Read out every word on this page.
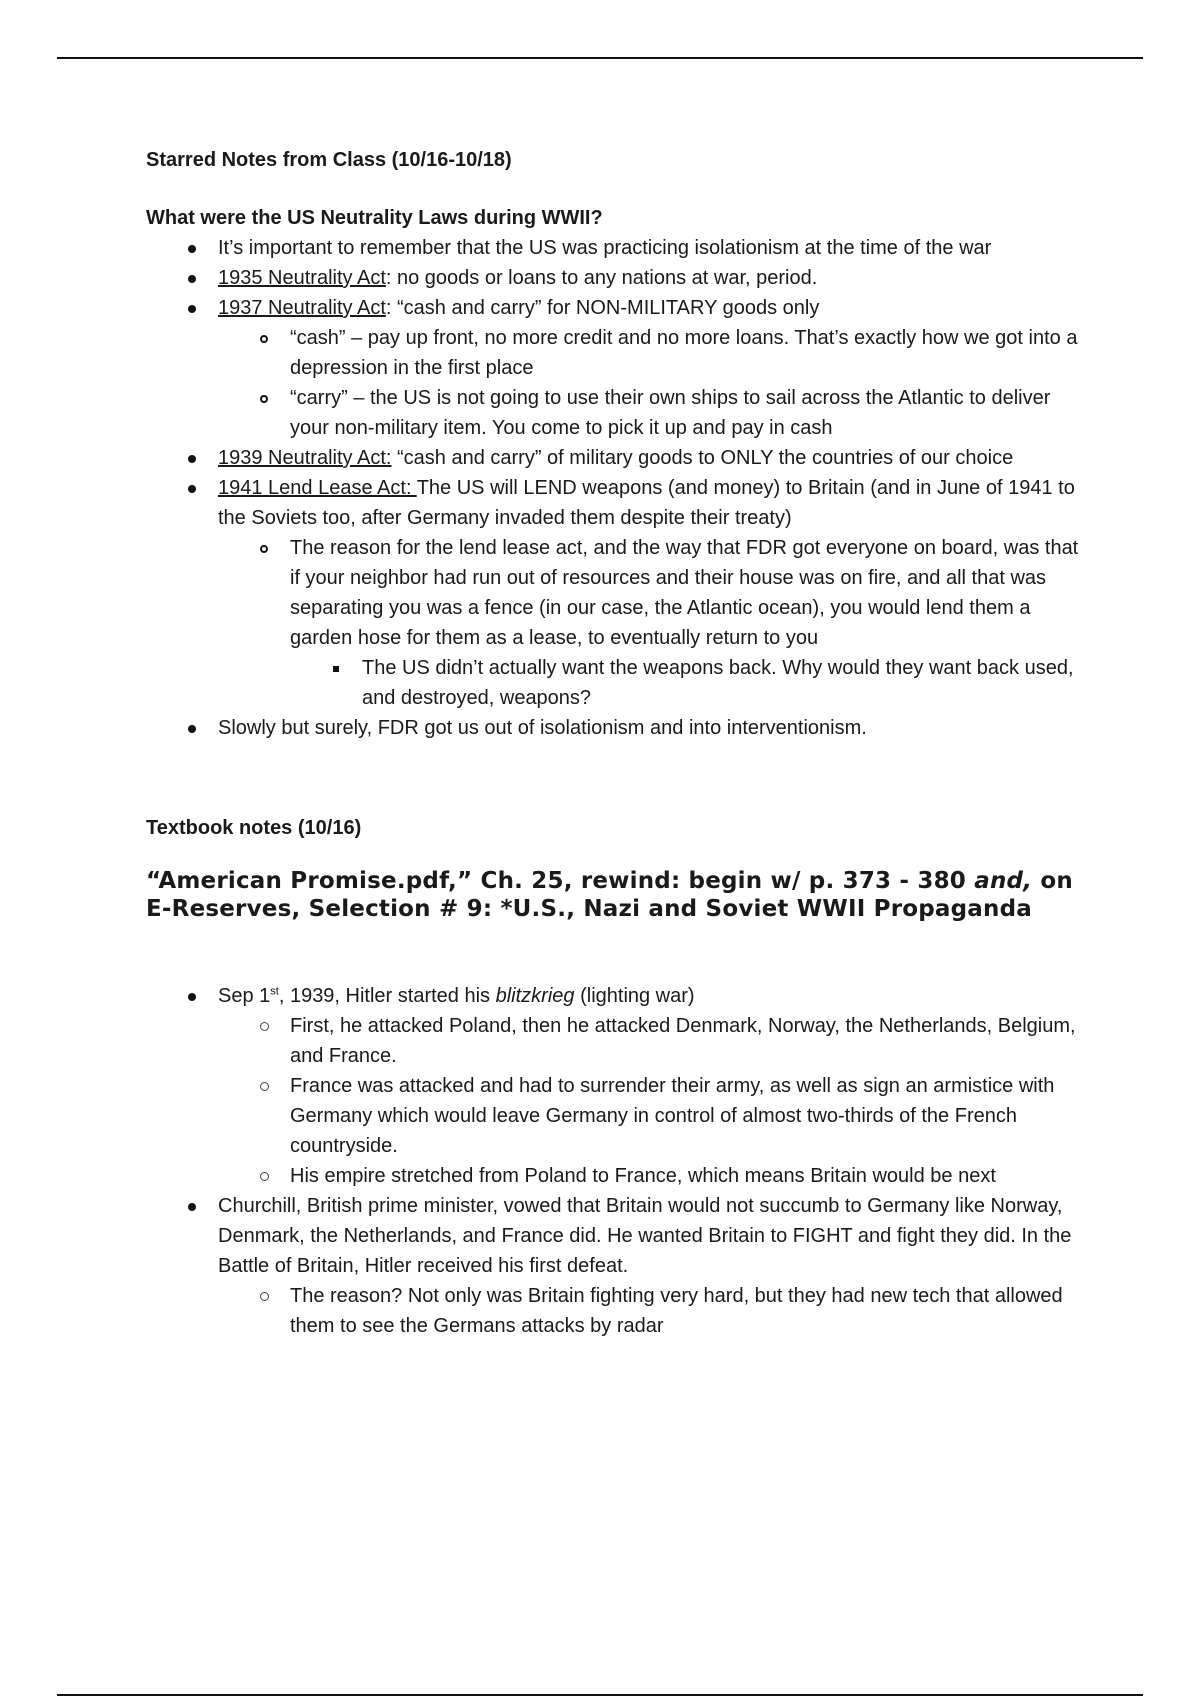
Starred Notes from Class (10/16-10/18)

What were the US Neutrality Laws during WWII?

It’s important to remember that the US was practicing isolationism at the time of the war
1935 Neutrality Act: no goods or loans to any nations at war, period.
1937 Neutrality Act: “cash and carry” for NON-MILITARY goods only
“cash” – pay up front, no more credit and no more loans. That’s exactly how we got into a depression in the first place
“carry” – the US is not going to use their own ships to sail across the Atlantic to deliver your non-military item. You come to pick it up and pay in cash
1939 Neutrality Act: “cash and carry” of military goods to ONLY the countries of our choice
1941 Lend Lease Act: The US will LEND weapons (and money) to Britain (and in June of 1941 to the Soviets too, after Germany invaded them despite their treaty)
The reason for the lend lease act, and the way that FDR got everyone on board, was that if your neighbor had run out of resources and their house was on fire, and all that was separating you was a fence (in our case, the Atlantic ocean), you would lend them a garden hose for them as a lease, to eventually return to you
The US didn’t actually want the weapons back. Why would they want back used, and destroyed, weapons?
Slowly but surely, FDR got us out of isolationism and into interventionism.

Textbook notes (10/16)

“American Promise.pdf,” Ch. 25, rewind: begin w/ p. 373 - 380 and, on E-Reserves, Selection # 9: *U.S., Nazi and Soviet WWII Propaganda

Sep 1st, 1939, Hitler started his blitzkrieg (lighting war)
First, he attacked Poland, then he attacked Denmark, Norway, the Netherlands, Belgium, and France.
France was attacked and had to surrender their army, as well as sign an armistice with Germany which would leave Germany in control of almost two-thirds of the French countryside.
His empire stretched from Poland to France, which means Britain would be next
Churchill, British prime minister, vowed that Britain would not succumb to Germany like Norway, Denmark, the Netherlands, and France did. He wanted Britain to FIGHT and fight they did. In the Battle of Britain, Hitler received his first defeat.
The reason? Not only was Britain fighting very hard, but they had new tech that allowed them to see the Germans attacks by radar
